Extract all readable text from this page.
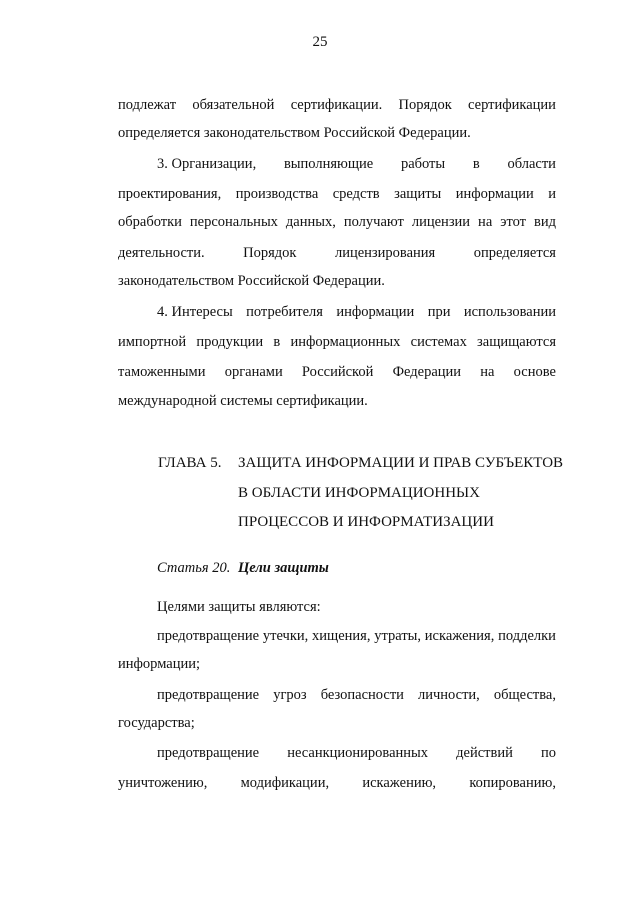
25
подлежат обязательной сертификации. Порядок сертификации
определяется законодательством Российской Федерации.
3. Организации, выполняющие работы в области
проектирования, производства средств защиты информации и
обработки персональных данных, получают лицензии на этот вид
деятельности.	Порядок	лицензирования	определяется
законодательством Российской Федерации.
4. Интересы потребителя информации при использовании
импортной продукции в информационных системах защищаются
таможенными органами Российской Федерации на основе
международной системы сертификации.
ГЛАВА 5. ЗАЩИТА ИНФОРМАЦИИ И ПРАВ СУБЪЕКТОВ
В ОБЛАСТИ ИНФОРМАЦИОННЫХ
ПРОЦЕССОВ И ИНФОРМАТИЗАЦИИ
Статья 20. Цели защиты
Целями защиты являются:
предотвращение утечки, хищения, утраты, искажения, подделки
информации;
предотвращение угроз безопасности личности, общества,
государства;
предотвращение несанкционированных действий по
уничтожению, модификации, искажению, копированию,
